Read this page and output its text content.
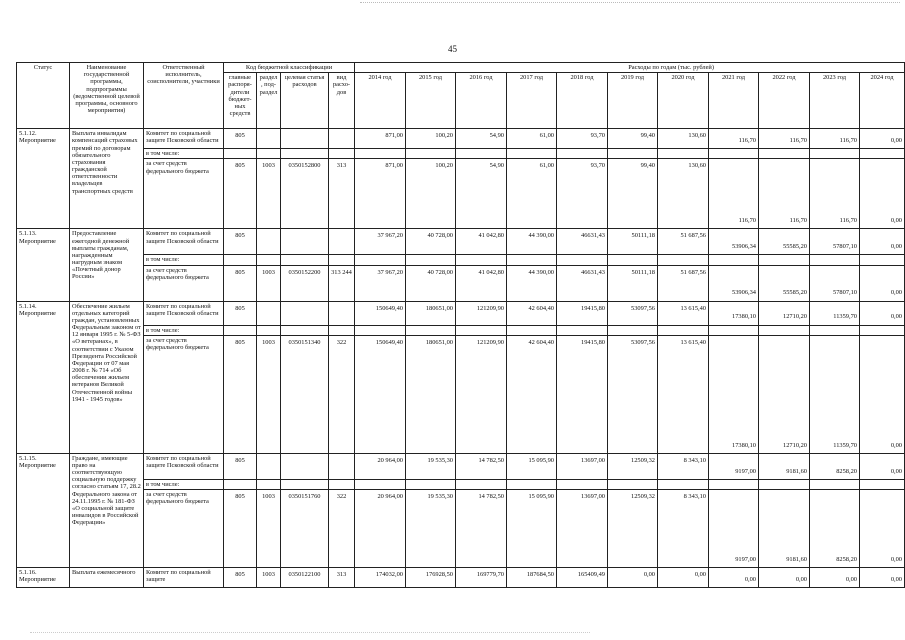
45
Статус	Наименование государственной программы, подпрограммы (ведомственной целевой программы, основного мероприятия)	Ответственный исполнитель, соисполнители, участники	Код бюджетной классификации				Расходы по годам (тыс. рублей)										
			главные распоря-дители бюджет-ных средств	раздел, под-раздел	целевая статья расходов	вид расхо-дов	2014 год	2015 год	2016 год	2017 год	2018 год	2019 год	2020 год	2021 год	2022 год	2023 год	2024 год
5.1.12. Мероприятие	Выплата инвалидам компенсаций страховых премий по договорам обязательного страхования гражданской ответственности владельцев транспортных средств	Комитет по социальной защите Псковской области	805				871,00	100,20	54,90	61,00	93,70	99,40	130,60	116,70	116,70	116,70	0,00
		в том числе:															
		за счет средств федерального бюджета	805	1003	0350152800	313	871,00	100,20	54,90	61,00	93,70	99,40	130,60	116,70	116,70	116,70	0,00
5.1.13. Мероприятие	Предоставление ежегодной денежной выплаты гражданам, награжденным нагрудным знаком «Почетный донор России»	Комитет по социальной защите Псковской области	805				37 967,20	40 728,00	41 042,80	44 390,00	46631,43	50111,18	51 687,56	53906,34	55585,20	57807,10	0,00
		в том числе:															
		за счет средств федерального бюджета	805	1003	0350152200	313 244	37 967,20	40 728,00	41 042,80	44 390,00	46631,43	50111,18	51 687,56	53906,34	55585,20	57807,10	0,00
5.1.14. Мероприятие	Обеспечение жильем отдельных категорий граждан, установленных Федеральным законом от 12 января 1995 г. № 5-ФЗ «О ветеранах», в соответствии с Указом Президента Российской Федерации от 07 мая 2008 г. № 714 «Об обеспечении жильем ветеранов Великой Отечественной войны 1941 - 1945 годов»	Комитет по социальной защите Псковской области	805				150649,40	180651,00	121209,90	42 604,40	19415,80	53097,56	13 615,40	17380,10	12710,20	11359,70	0,00
		в том числе:															
		за счет средств федерального бюджета	805	1003	0350151340	322	150649,40	180651,00	121209,90	42 604,40	19415,80	53097,56	13 615,40	17380,10	12710,20	11359,70	0,00
5.1.15. Мероприятие	Граждане, имеющие право на соответствующую социальную поддержку согласно статьям 17, 28.2 Федерального закона от 24.11.1995 г. № 181-ФЗ «О социальной защите инвалидов в Российской Федерации»	Комитет по социальной защите Псковской области	805				20 964,00	19 535,30	14 782,50	15 095,90	13697,00	12509,32	8 343,10	9197,00	9181,60	8258,20	0,00
		в том числе:															
		за счет средств федерального бюджета	805	1003	0350151760	322	20 964,00	19 535,30	14 782,50	15 095,90	13697,00	12509,32	8 343,10	9197,00	9181,60	8258,20	0,00
5.1.16. Мероприятие	Выплата ежемесячного	Комитет по социальной защите	805	1003	0350122100	313	174032,00	176928,50	169779,70	187684,50	165409,49	0,00	0,00	0,00	0,00	0,00	0,00
